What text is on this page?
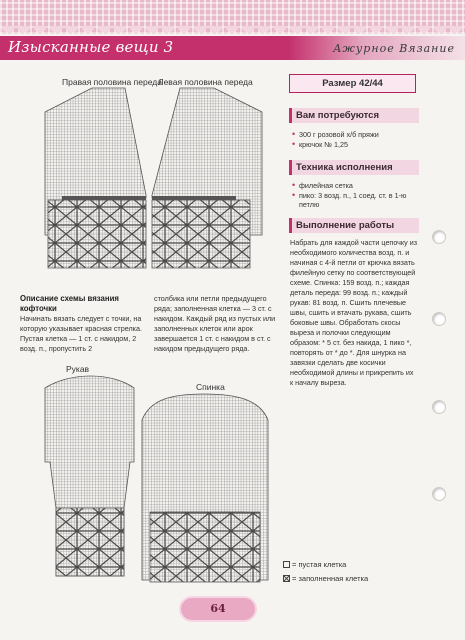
Изысканные вещи 3	Ажурное Вязание
Правая половина переда
Левая половина переда
Рукав
Спинка
Размер 42/44
Вам потребуются
• 300 г розовой х/б пряжи
• крючок № 1,25
Техника исполнения
• филейная сетка
• пико: 3 возд. п., 1 соед. ст. в 1-ю петлю
Выполнение работы
Набрать для каждой части цепочку из необходимого количества возд. п. и начиная с 4-й петли от крючка вязать филейную сетку по соответствующей схеме. Спинка: 159 возд. п.; каждая деталь переда: 99 возд. п.; каждый рукав: 81 возд. п. Сшить плечевые швы, сшить и втачать рукава, сшить боковые швы. Обработать скосы выреза и полочки следующим образом: * 5 ст. без накида, 1 пико *, повторять от * до *. Для шнурка на завязки сделать две косички необходимой длины и прикрепить их к началу выреза.
Описание схемы вязания кофточки
Начинать вязать следует с точки, на которую указывает красная стрелка. Пустая клетка — 1 ст. с накидом, 2 возд. п., пропустить 2
столбика или петли предыдущего ряда; заполненная клетка — 3 ст. с накидом. Каждый ряд из пустых или заполненных клеток или арок завершается 1 ст. с накидом в ст. с накидом предыдущего ряда.
= пустая клетка
= заполненная клетка
64
